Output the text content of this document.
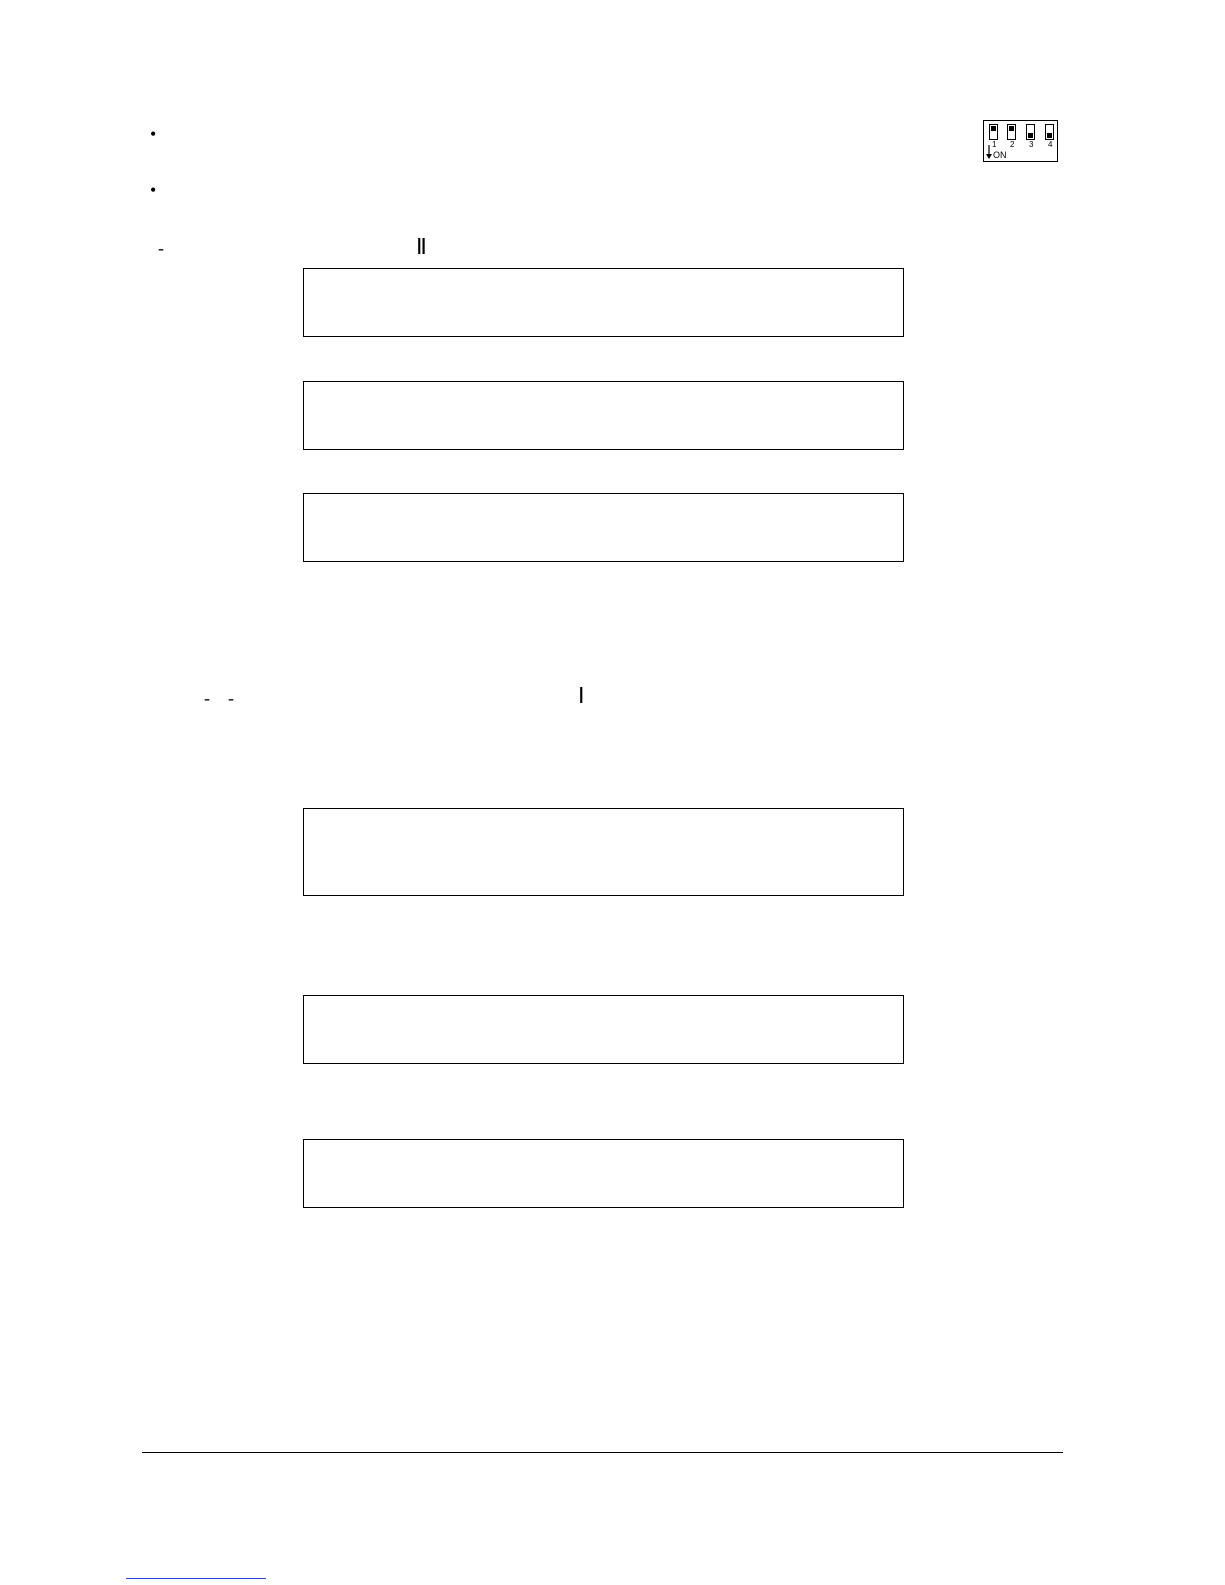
•
•
-	Ⅱ
- -	Ⅰ
1 2 3 4
ON
